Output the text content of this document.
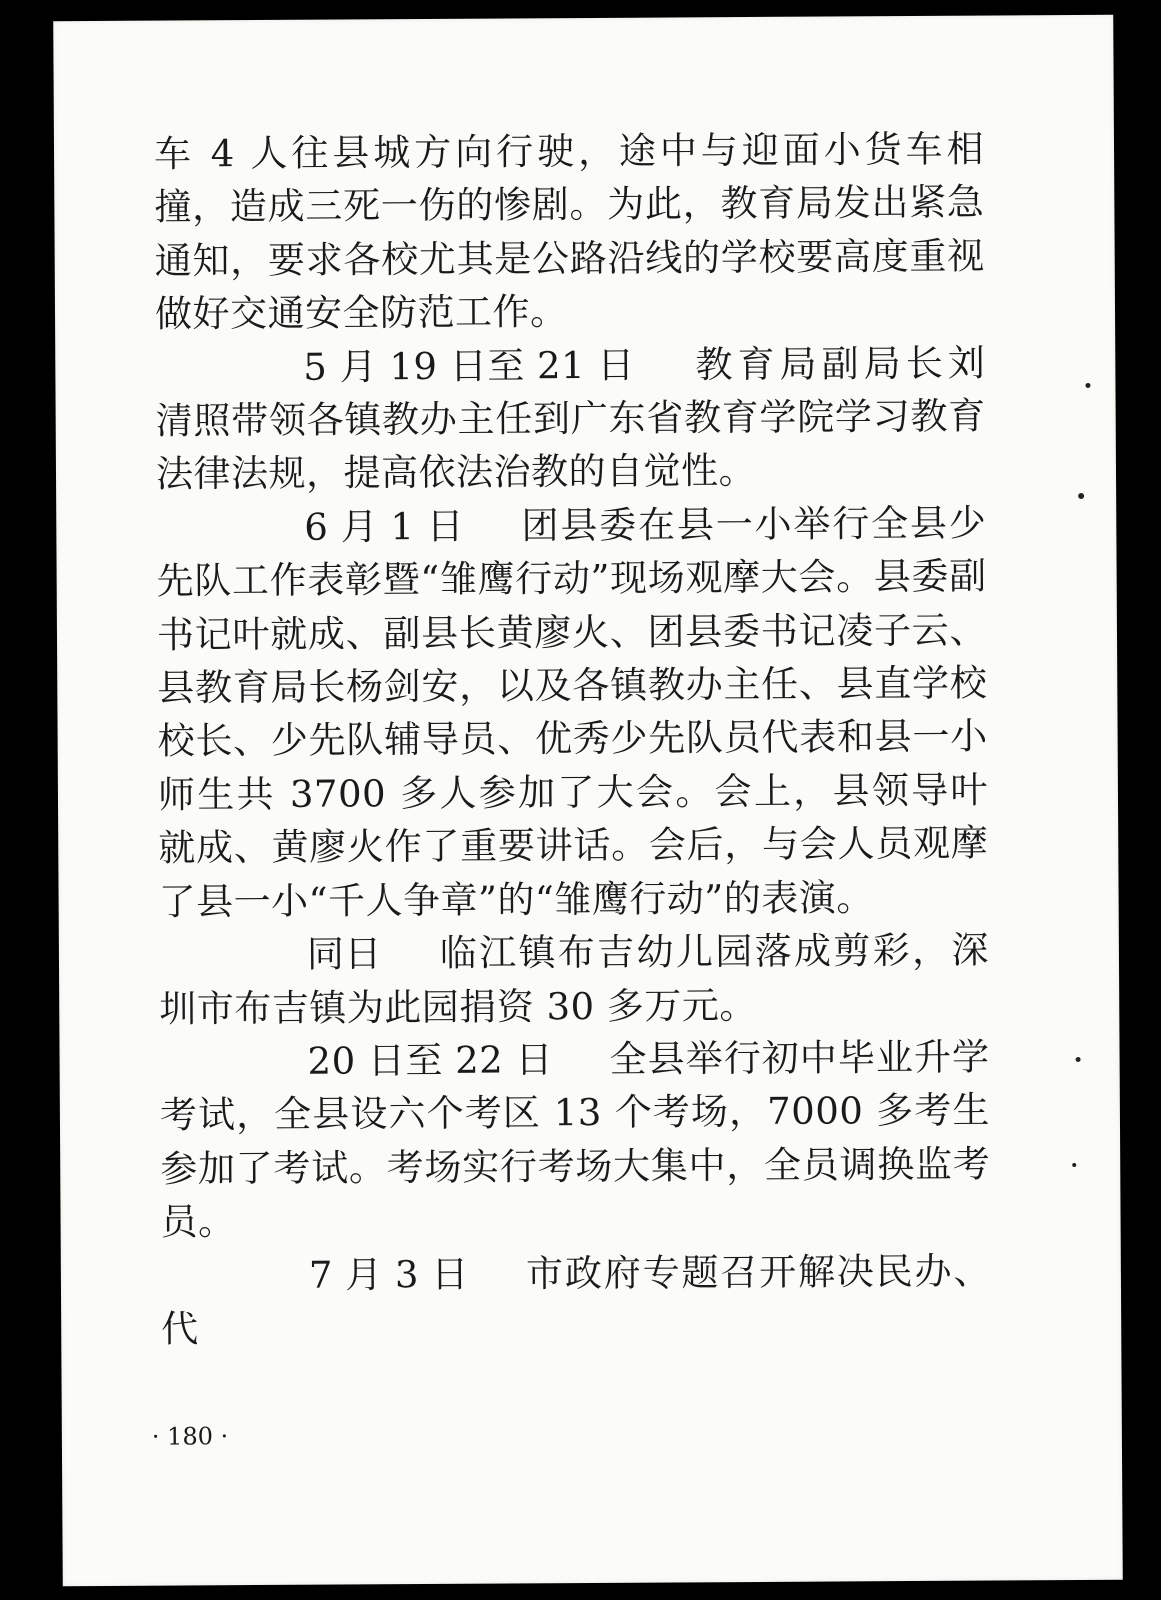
车 4 人往县城方向行驶，途中与迎面小货车相撞，造成三死一伤的惨剧。为此，教育局发出紧急通知，要求各校尤其是公路沿线的学校要高度重视做好交通安全防范工作。

5 月 19 日至 21 日 教育局副局长刘清照带领各镇教办主任到广东省教育学院学习教育法律法规，提高依法治教的自觉性。

6 月 1 日 团县委在县一小举行全县少先队工作表彰暨“雏鹰行动”现场观摩大会。县委副书记叶就成、副县长黄廖火、团县委书记凌子云、县教育局长杨剑安，以及各镇教办主任、县直学校校长、少先队辅导员、优秀少先队员代表和县一小师生共 3700 多人参加了大会。会上，县领导叶就成、黄廖火作了重要讲话。会后，与会人员观摩了县一小“千人争章”的“雏鹰行动”的表演。

同日 临江镇布吉幼儿园落成剪彩，深圳市布吉镇为此园捐资 30 多万元。

20 日至 22 日 全县举行初中毕业升学考试，全县设六个考区 13 个考场，7000 多考生参加了考试。考场实行考场大集中，全员调换监考员。

7 月 3 日 市政府专题召开解决民办、代

· 180 ·
